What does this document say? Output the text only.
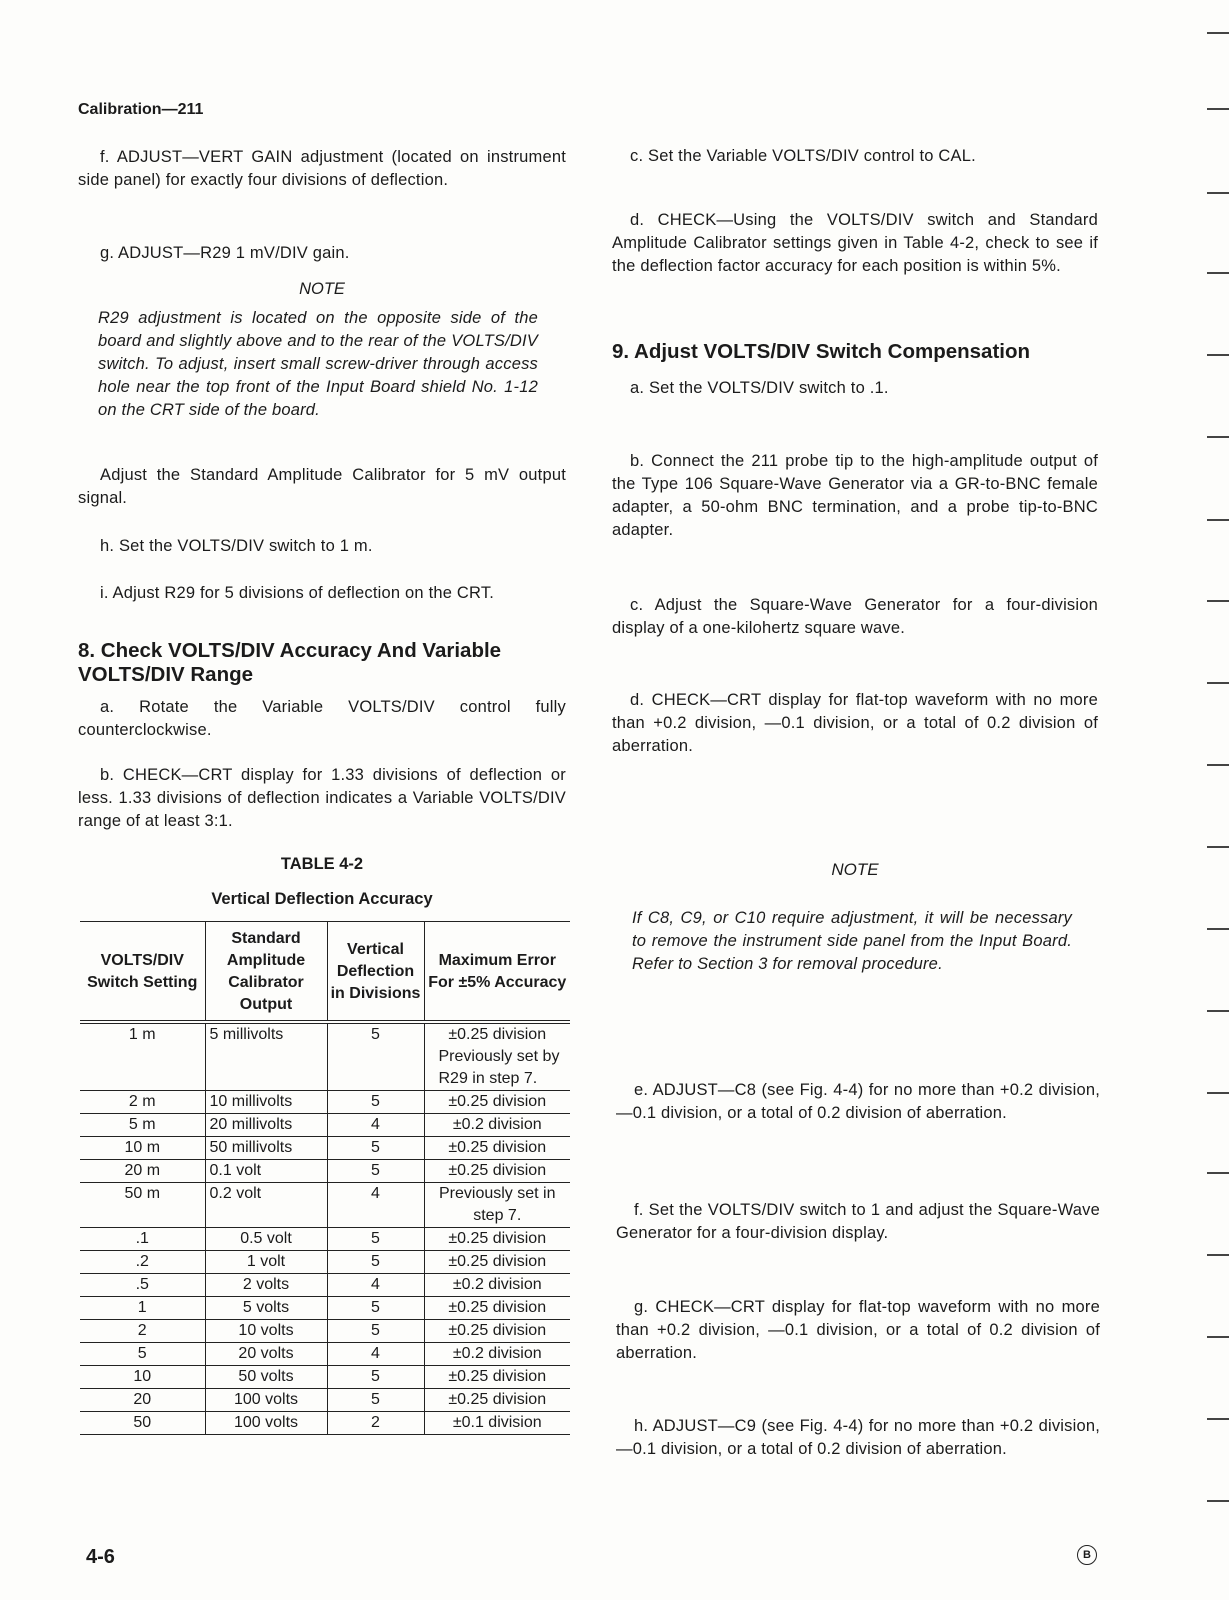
Calibration—211

f. ADJUST—VERT GAIN adjustment (located on instrument side panel) for exactly four divisions of deflection.

g. ADJUST—R29 1 mV/DIV gain.

NOTE

R29 adjustment is located on the opposite side of the board and slightly above and to the rear of the VOLTS/DIV switch. To adjust, insert small screw-driver through access hole near the top front of the Input Board shield No. 1-12 on the CRT side of the board.

Adjust the Standard Amplitude Calibrator for 5 mV output signal.

h. Set the VOLTS/DIV switch to 1 m.

i. Adjust R29 for 5 divisions of deflection on the CRT.

8. Check VOLTS/DIV Accuracy And Variable VOLTS/DIV Range

a. Rotate the Variable VOLTS/DIV control fully counterclockwise.

b. CHECK—CRT display for 1.33 divisions of deflection or less. 1.33 divisions of deflection indicates a Variable VOLTS/DIV range of at least 3:1.

TABLE 4-2
Vertical Deflection Accuracy
VOLTS/DIV Switch Setting	Standard Amplitude Calibrator Output	Vertical Deflection in Divisions	Maximum Error For ±5% Accuracy
1 m	5 millivolts	5	±0.25 division
			Previously set by R29 in step 7.
2 m	10 millivolts	5	±0.25 division
5 m	20 millivolts	4	±0.2 division
10 m	50 millivolts	5	±0.25 division
20 m	0.1 volt	5	±0.25 division
50 m	0.2 volt	4	Previously set in step 7.
.1	0.5 volt	5	±0.25 division
.2	1 volt	5	±0.25 division
.5	2 volts	4	±0.2 division
1	5 volts	5	±0.25 division
2	10 volts	5	±0.25 division
5	20 volts	4	±0.2 division
10	50 volts	5	±0.25 division
20	100 volts	5	±0.25 division
50	100 volts	2	±0.1 division

c. Set the Variable VOLTS/DIV control to CAL.

d. CHECK—Using the VOLTS/DIV switch and Standard Amplitude Calibrator settings given in Table 4-2, check to see if the deflection factor accuracy for each position is within 5%.

9. Adjust VOLTS/DIV Switch Compensation

a. Set the VOLTS/DIV switch to .1.

b. Connect the 211 probe tip to the high-amplitude output of the Type 106 Square-Wave Generator via a GR-to-BNC female adapter, a 50-ohm BNC termination, and a probe tip-to-BNC adapter.

c. Adjust the Square-Wave Generator for a four-division display of a one-kilohertz square wave.

d. CHECK—CRT display for flat-top waveform with no more than +0.2 division, —0.1 division, or a total of 0.2 division of aberration.

NOTE

If C8, C9, or C10 require adjustment, it will be necessary to remove the instrument side panel from the Input Board. Refer to Section 3 for removal procedure.

e. ADJUST—C8 (see Fig. 4-4) for no more than +0.2 division, —0.1 division, or a total of 0.2 division of aberration.

f. Set the VOLTS/DIV switch to 1 and adjust the Square-Wave Generator for a four-division display.

g. CHECK—CRT display for flat-top waveform with no more than +0.2 division, —0.1 division, or a total of 0.2 division of aberration.

h. ADJUST—C9 (see Fig. 4-4) for no more than +0.2 division, —0.1 division, or a total of 0.2 division of aberration.

4-6	B
